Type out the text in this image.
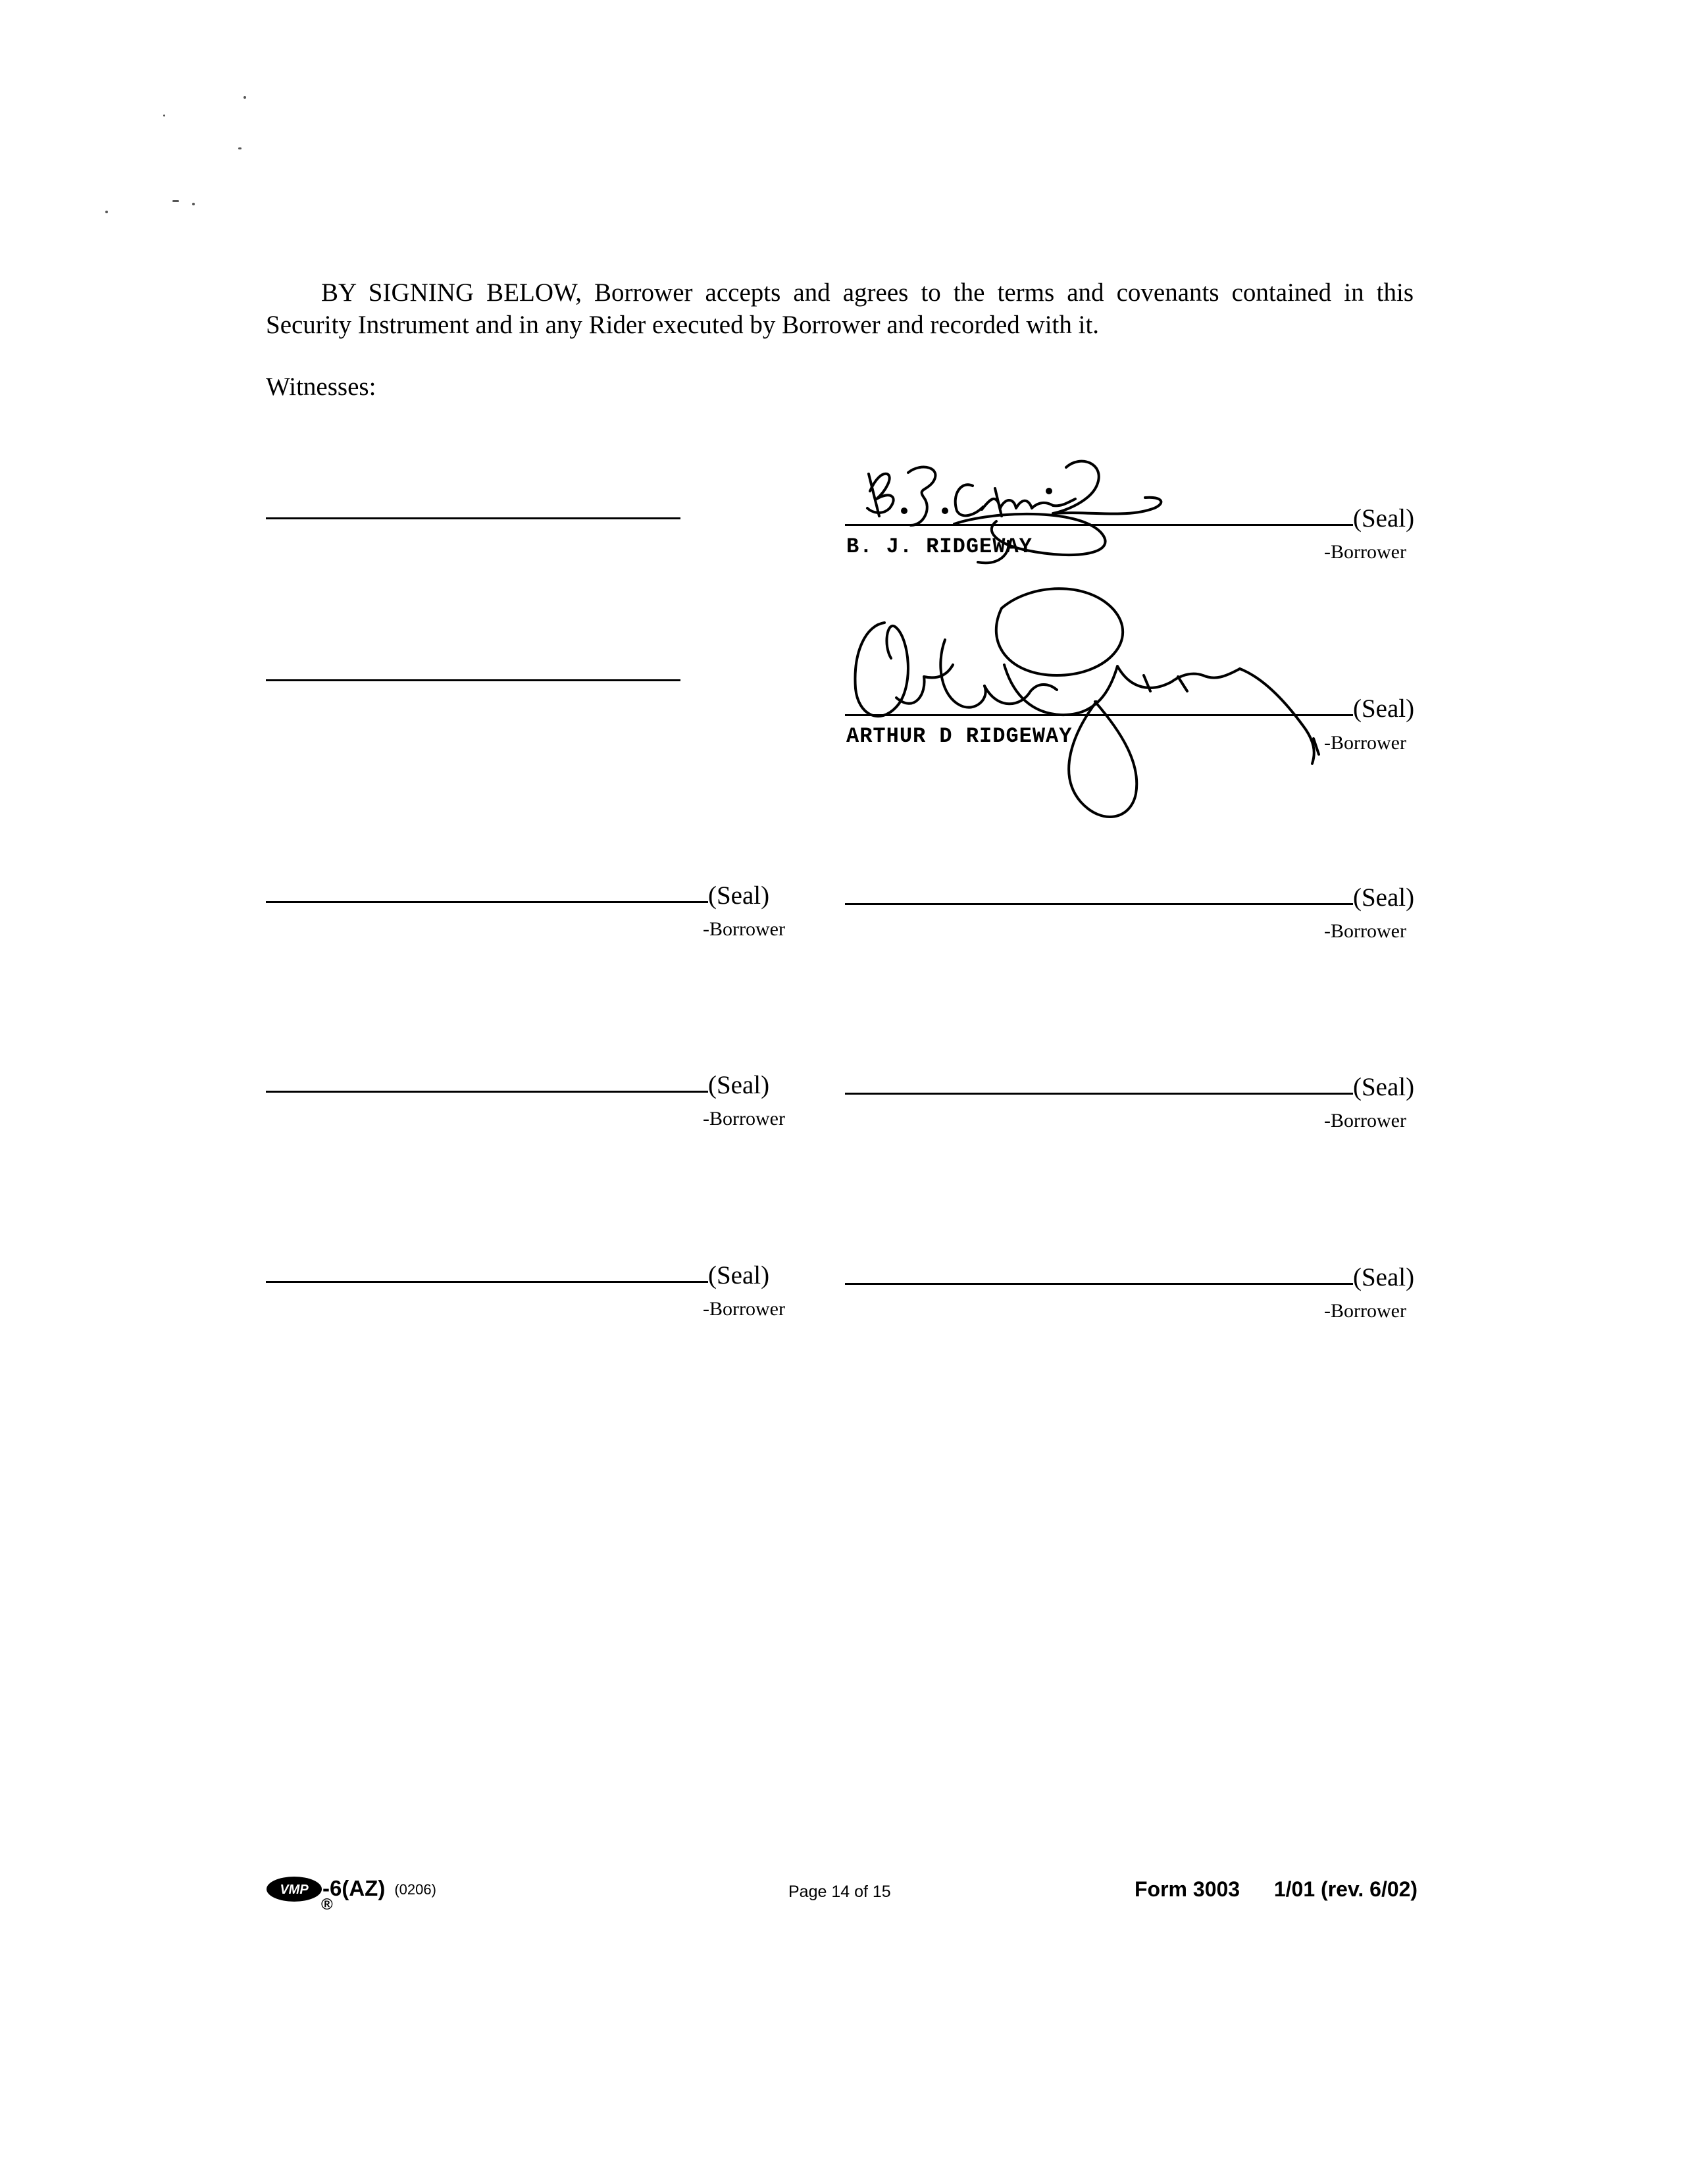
BY SIGNING BELOW, Borrower accepts and agrees to the terms and covenants contained in this Security Instrument and in any Rider executed by Borrower and recorded with it.
Witnesses:
(Seal)
B. J. RIDGEWAY	-Borrower
(Seal)
ARTHUR D RIDGEWAY	-Borrower
(Seal)
-Borrower
(Seal)
-Borrower
(Seal)
-Borrower
(Seal)
-Borrower
(Seal)
-Borrower
(Seal)
-Borrower
VMP -6(AZ)
®
(0206)	Page 14 of 15	Form 3003 1/01 (rev. 6/02)
